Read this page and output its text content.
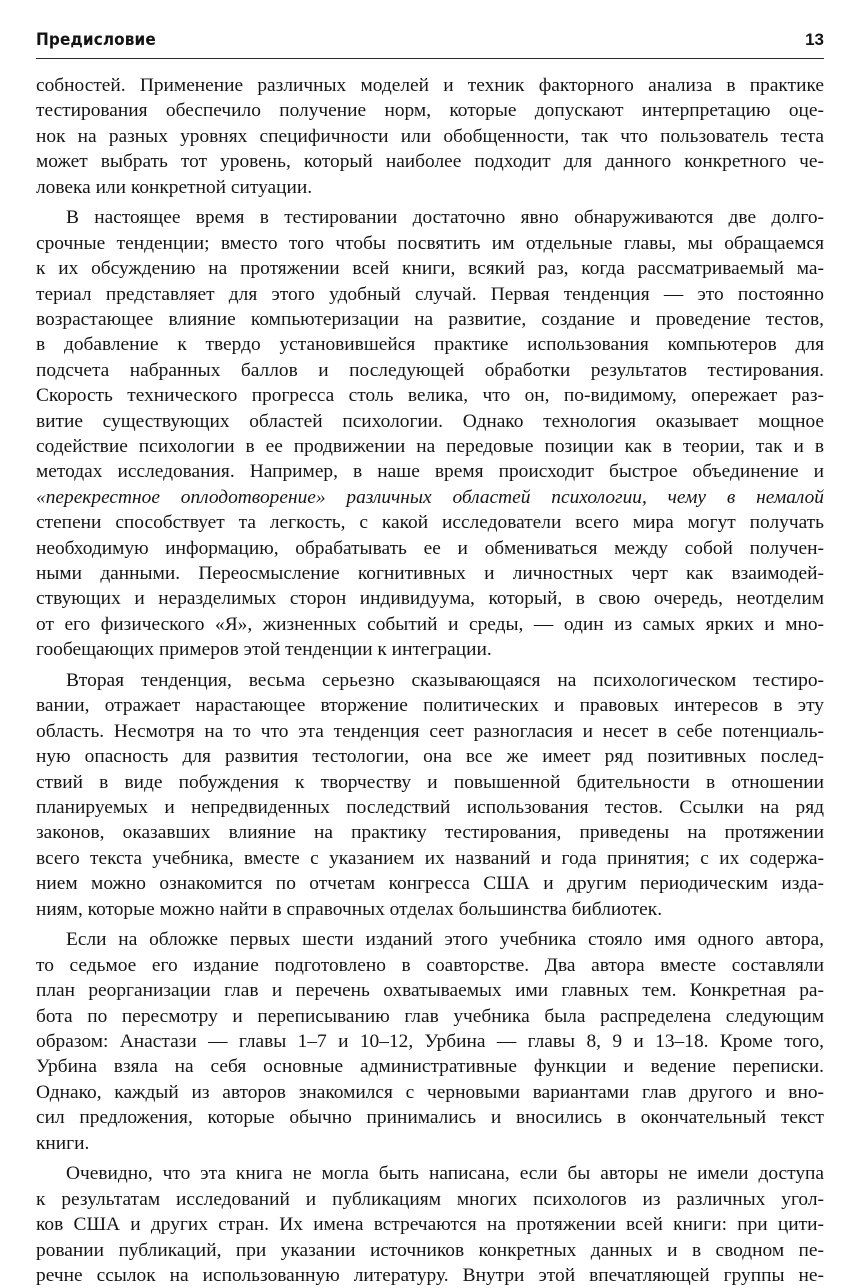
Предисловие	13
собностей. Применение различных моделей и техник факторного анализа в практике
тестирования обеспечило получение норм, которые допускают интерпретацию оце-
нок на разных уровнях специфичности или обобщенности, так что пользователь теста
может выбрать тот уровень, который наиболее подходит для данного конкретного че-
ловека или конкретной ситуации.
В настоящее время в тестировании достаточно явно обнаруживаются две долго-
срочные тенденции; вместо того чтобы посвятить им отдельные главы, мы обращаемся
к их обсуждению на протяжении всей книги, всякий раз, когда рассматриваемый ма-
териал представляет для этого удобный случай. Первая тенденция — это постоянно
возрастающее влияние компьютеризации на развитие, создание и проведение тестов,
в добавление к твердо установившейся практике использования компьютеров для
подсчета набранных баллов и последующей обработки результатов тестирования.
Скорость технического прогресса столь велика, что он, по-видимому, опережает раз-
витие существующих областей психологии. Однако технология оказывает мощное
содействие психологии в ее продвижении на передовые позиции как в теории, так и в
методах исследования. Например, в наше время происходит быстрое объединение и
«перекрестное оплодотворение» различных областей психологии, чему в немалой
степени способствует та легкость, с какой исследователи всего мира могут получать
необходимую информацию, обрабатывать ее и обмениваться между собой получен-
ными данными. Переосмысление когнитивных и личностных черт как взаимодей-
ствующих и неразделимых сторон индивидуума, который, в свою очередь, неотделим
от его физического «Я», жизненных событий и среды, — один из самых ярких и мно-
гообещающих примеров этой тенденции к интеграции.
Вторая тенденция, весьма серьезно сказывающаяся на психологическом тестиро-
вании, отражает нарастающее вторжение политических и правовых интересов в эту
область. Несмотря на то что эта тенденция сеет разногласия и несет в себе потенциаль-
ную опасность для развития тестологии, она все же имеет ряд позитивных послед-
ствий в виде побуждения к творчеству и повышенной бдительности в отношении
планируемых и непредвиденных последствий использования тестов. Ссылки на ряд
законов, оказавших влияние на практику тестирования, приведены на протяжении
всего текста учебника, вместе с указанием их названий и года принятия; с их содержа-
нием можно ознакомится по отчетам конгресса США и другим периодическим изда-
ниям, которые можно найти в справочных отделах большинства библиотек.
Если на обложке первых шести изданий этого учебника стояло имя одного автора,
то седьмое его издание подготовлено в соавторстве. Два автора вместе составляли
план реорганизации глав и перечень охватываемых ими главных тем. Конкретная ра-
бота по пересмотру и переписыванию глав учебника была распределена следующим
образом: Анастази — главы 1–7 и 10–12, Урбина — главы 8, 9 и 13–18. Кроме того,
Урбина взяла на себя основные административные функции и ведение переписки.
Однако, каждый из авторов знакомился с черновыми вариантами глав другого и вно-
сил предложения, которые обычно принимались и вносились в окончательный текст
книги.
Очевидно, что эта книга не могла быть написана, если бы авторы не имели доступа
к результатам исследований и публикациям многих психологов из различных угол-
ков США и других стран. Их имена встречаются на протяжении всей книги: при цити-
ровании публикаций, при указании источников конкретных данных и в сводном пе-
речне ссылок на использованную литературу. Внутри этой впечатляющей группы не-
